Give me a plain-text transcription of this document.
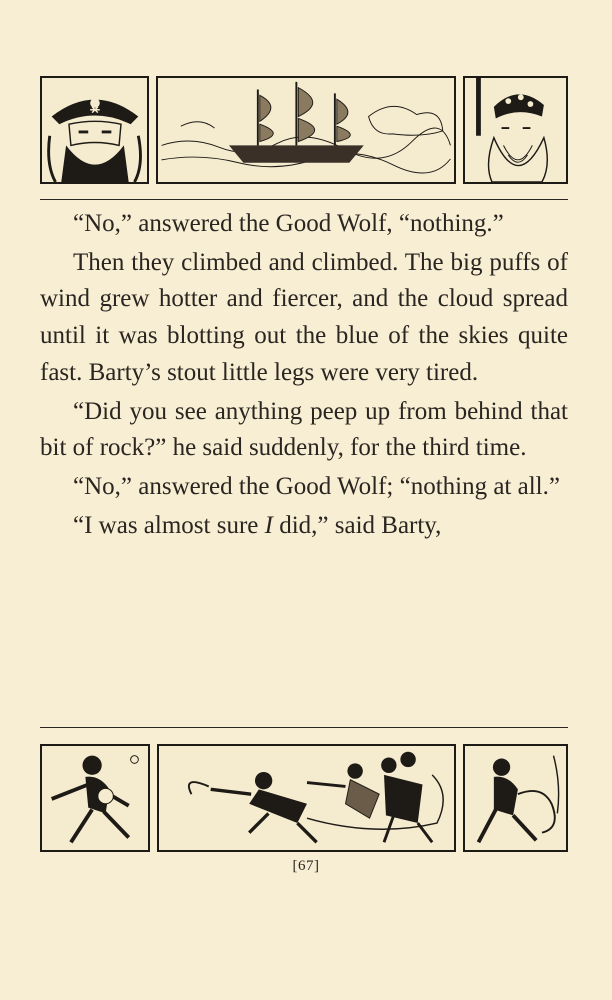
“No,” answered the Good Wolf, “nothing.”

Then they climbed and climbed. The big puffs of wind grew hotter and fiercer, and the cloud spread until it was blotting out the blue of the skies quite fast. Barty’s stout little legs were very tired.

“Did you see anything peep up from behind that bit of rock?” he said suddenly, for the third time.

“No,” answered the Good Wolf; “nothing at all.”

“I was almost sure I did,” said Barty,

[67]
